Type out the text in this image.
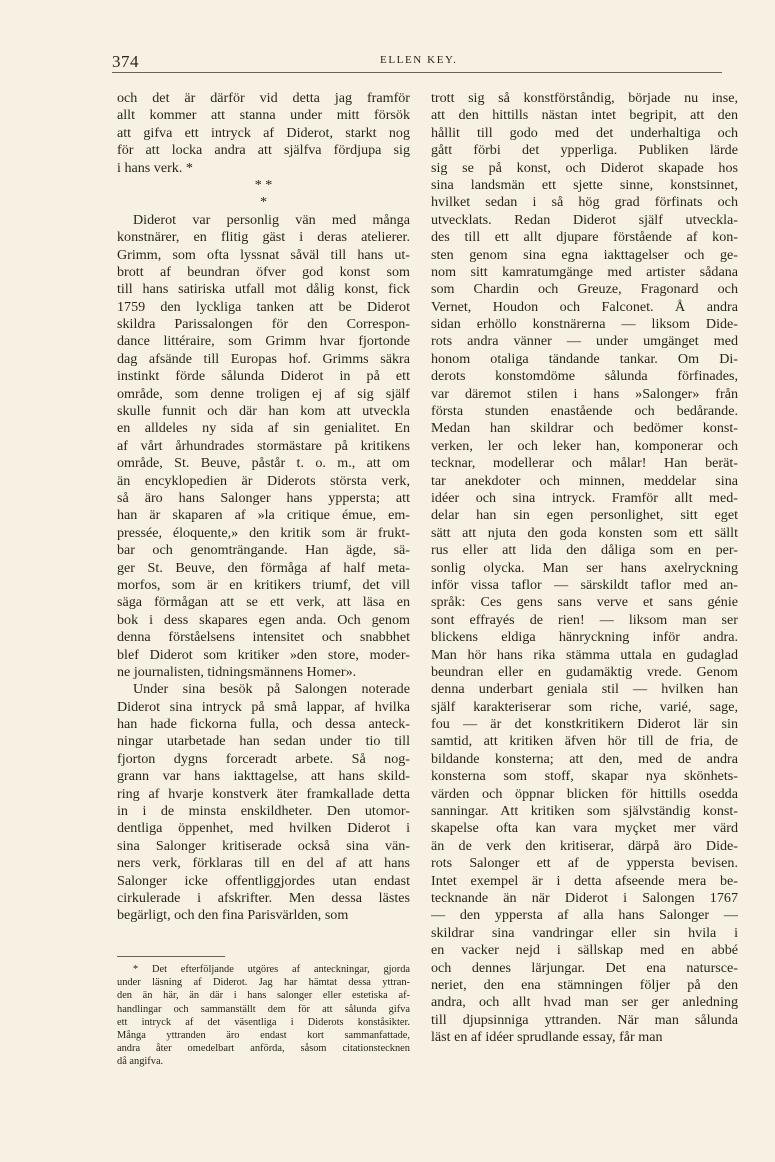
374	ELLEN KEY.
och det är därför vid detta jag framför
allt kommer att stanna under mitt försök
att gifva ett intryck af Diderot, starkt nog
för att locka andra att själfva fördjupa sig
i hans verk. *
* *
*
Diderot var personlig vän med många
konstnärer, en flitig gäst i deras atelierer.
Grimm, som ofta lyssnat såväl till hans ut-
brott af beundran öfver god konst som
till hans satiriska utfall mot dålig konst, fick
1759 den lyckliga tanken att be Diderot
skildra Parissalongen för den Correspon-
dance littéraire, som Grimm hvar fjortonde
dag afsände till Europas hof. Grimms säkra
instinkt förde sålunda Diderot in på ett
område, som denne troligen ej af sig själf
skulle funnit och där han kom att utveckla
en alldeles ny sida af sin genialitet. En
af vårt århundrades stormästare på kritikens
område, St. Beuve, påstår t. o. m., att om
än encyklopedien är Diderots största verk,
så äro hans Salonger hans yppersta; att
han är skaparen af »la critique émue, em-
pressée, éloquente,» den kritik som är frukt-
bar och genomträngande. Han ägde, sä-
ger St. Beuve, den förmåga af half meta-
morfos, som är en kritikers triumf, det vill
säga förmågan att se ett verk, att läsa en
bok i dess skapares egen anda. Och genom
denna förståelsens intensitet och snabbhet
blef Diderot som kritiker »den store, moder-
ne journalisten, tidningsmännens Homer».
Under sina besök på Salongen noterade
Diderot sina intryck på små lappar, af hvilka
han hade fickorna fulla, och dessa anteck-
ningar utarbetade han sedan under tio till
fjorton dygns forceradt arbete. Så nog-
grann var hans iakttagelse, att hans skild-
ring af hvarje konstverk äter framkallade detta
in i de minsta enskildheter. Den utomor-
dentliga öppenhet, med hvilken Diderot i
sina Salonger kritiserade också sina vän-
ners verk, förklaras till en del af att hans
Salonger icke offentliggjordes utan endast
cirkulerade i afskrifter. Men dessa lästes
begärligt, och den fina Parisvärlden, som
trott sig så konstförståndig, började nu inse,
att den hittills nästan intet begripit, att den
hållit till godo med det underhaltiga och
gått förbi det ypperliga. Publiken lärde
sig se på konst, och Diderot skapade hos
sina landsmän ett sjette sinne, konstsinnet,
hvilket sedan i så hög grad förfinats och
utvecklats. Redan Diderot själf utveckla-
des till ett allt djupare förstående af kon-
sten genom sina egna iakttagelser och ge-
nom sitt kamratumgänge med artister sådana
som Chardin och Greuze, Fragonard och
Vernet, Houdon och Falconet. Å andra
sidan erhöllo konstnärerna — liksom Dide-
rots andra vänner — under umgänget med
honom otaliga tändande tankar. Om Di-
derots konstomdöme sålunda förfinades,
var däremot stilen i hans »Salonger» från
första stunden enastående och bedårande.
Medan han skildrar och bedömer konst-
verken, ler och leker han, komponerar och
tecknar, modellerar och målar! Han berät-
tar anekdoter och minnen, meddelar sina
idéer och sina intryck. Framför allt med-
delar han sin egen personlighet, sitt eget
sätt att njuta den goda konsten som ett sällt
rus eller att lida den dåliga som en per-
sonlig olycka. Man ser hans axelryckning
inför vissa taflor — särskildt taflor med an-
språk: Ces gens sans verve et sans génie
sont effrayés de rien! — liksom man ser
blickens eldiga hänryckning inför andra.
Man hör hans rika stämma uttala en gudaglad
beundran eller en gudamäktig vrede. Genom
denna underbart geniala stil — hvilken han
själf karakteriserar som riche, varié, sage,
fou — är det konstkritikern Diderot lär sin
samtid, att kritiken äfven hör till de fria, de
bildande konsterna; att den, med de andra
konsterna som stoff, skapar nya skönhets-
värden och öppnar blicken för hittills osedda
sanningar. Att kritiken som självständig konst-
skapelse ofta kan vara myçket mer värd
än de verk den kritiserar, därpå äro Dide-
rots Salonger ett af de yppersta bevisen.
Intet exempel är i detta afseende mera be-
tecknande än när Diderot i Salongen 1767
— den yppersta af alla hans Salonger —
skildrar sina vandringar eller sin hvila i
en vacker nejd i sällskap med en abbé
och dennes lärjungar. Det ena natursce-
neriet, den ena stämningen följer på den
andra, och allt hvad man ser ger anledning
till djupsinniga yttranden. När man sålunda
läst en af idéer sprudlande essay, får man
* Det efterföljande utgöres af anteckningar, gjorda
under läsning af Diderot. Jag har hämtat dessa yttran-
den än här, än där i hans salonger eller estetiska af-
handlingar och sammanställt dem för att sålunda gifva
ett intryck af det väsentliga i Diderots konståsikter.
Många yttranden äro endast kort sammanfattade,
andra åter omedelbart anförda, såsom citationstecknen
då angifva.
